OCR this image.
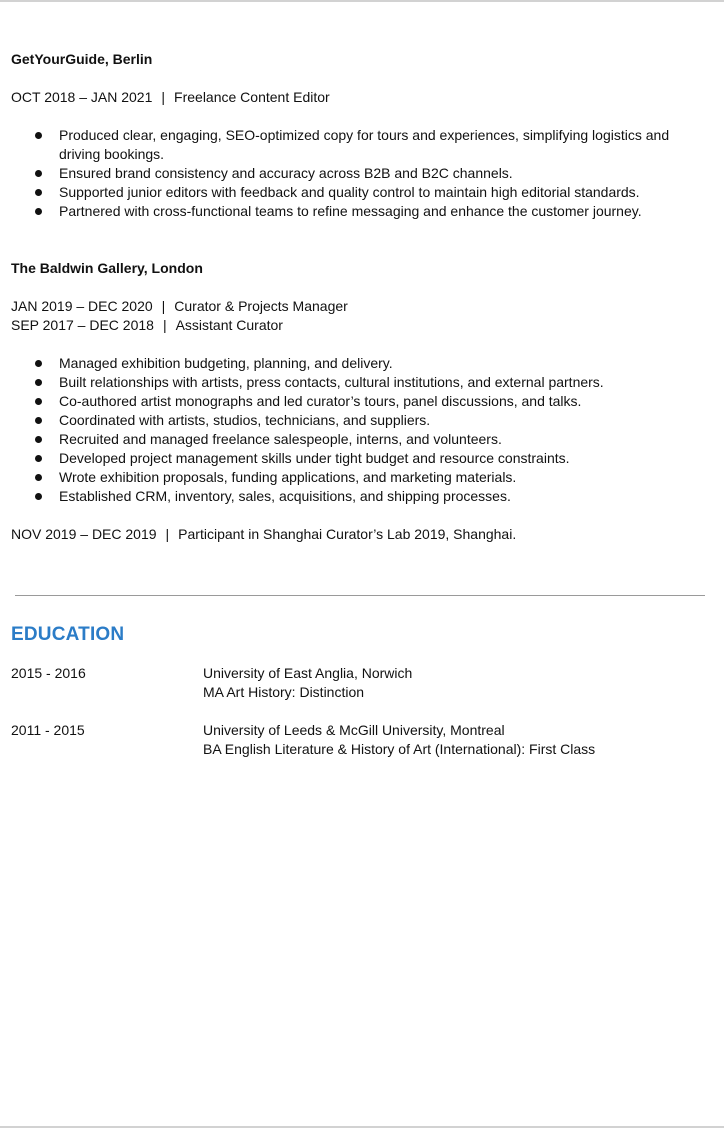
GetYourGuide, Berlin
OCT 2018 – JAN 2021 | Freelance Content Editor
Produced clear, engaging, SEO-optimized copy for tours and experiences, simplifying logistics and driving bookings.
Ensured brand consistency and accuracy across B2B and B2C channels.
Supported junior editors with feedback and quality control to maintain high editorial standards.
Partnered with cross-functional teams to refine messaging and enhance the customer journey.
The Baldwin Gallery, London
JAN 2019 – DEC 2020 | Curator & Projects Manager
SEP 2017 – DEC 2018 | Assistant Curator
Managed exhibition budgeting, planning, and delivery.
Built relationships with artists, press contacts, cultural institutions, and external partners.
Co-authored artist monographs and led curator’s tours, panel discussions, and talks.
Coordinated with artists, studios, technicians, and suppliers.
Recruited and managed freelance salespeople, interns, and volunteers.
Developed project management skills under tight budget and resource constraints.
Wrote exhibition proposals, funding applications, and marketing materials.
Established CRM, inventory, sales, acquisitions, and shipping processes.
NOV 2019 – DEC 2019 | Participant in Shanghai Curator’s Lab 2019, Shanghai.
EDUCATION
2015 - 2016	University of East Anglia, Norwich
MA Art History: Distinction
2011 - 2015	University of Leeds & McGill University, Montreal
BA English Literature & History of Art (International): First Class
